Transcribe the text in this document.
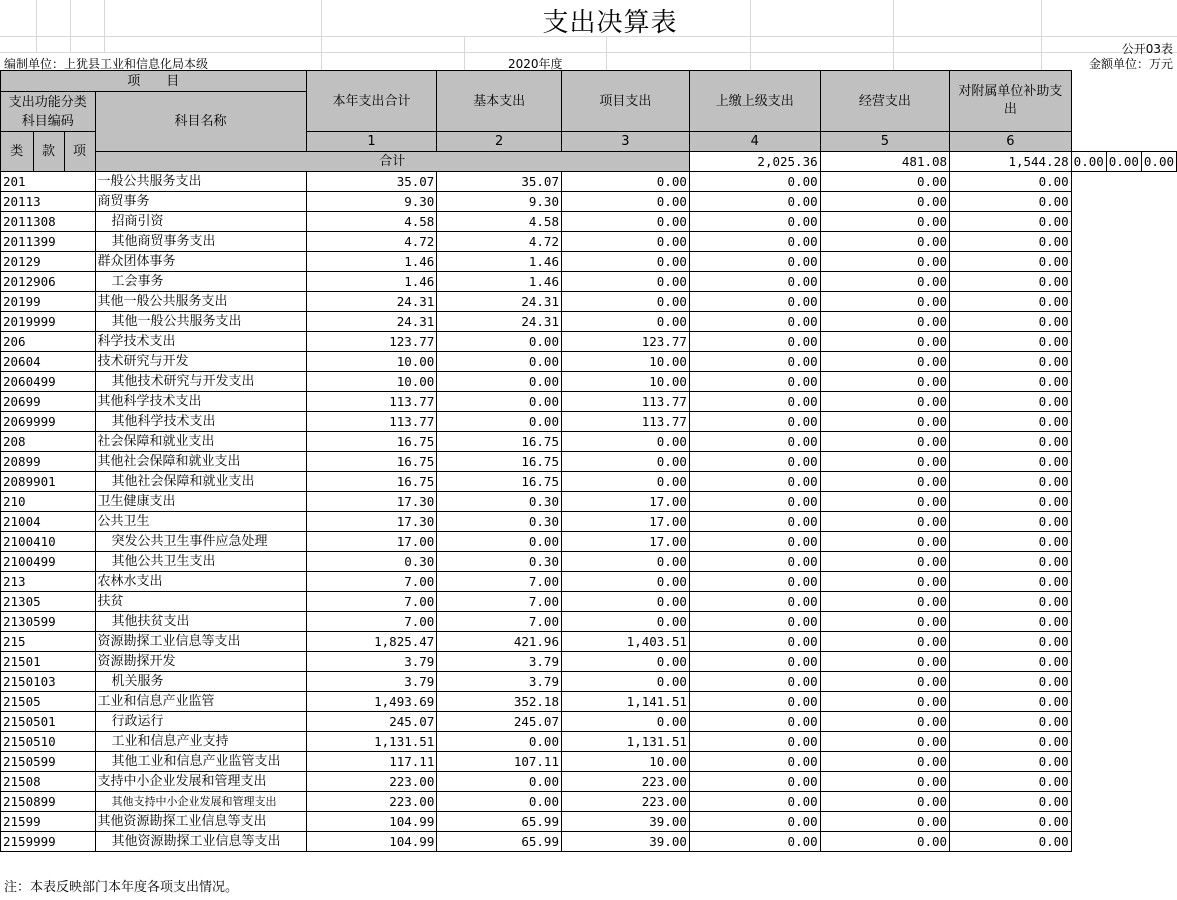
支出决算表
公开03表
编制单位：上犹县工业和信息化局本级	2020年度	金额单位：万元
项　　目				本年支出合计	基本支出	项目支出	上缴上级支出	经营支出	对附属单位补助支出			
支出功能分类科目编码			科目名称									

类	款	项		1	2	3	4	5	6			
			合计				2,025.36	481.08	1,544.28	0.00	0.00	0.00
201			一般公共服务支出	35.07	35.07	0.00	0.00	0.00	0.00			
20113			商贸事务	9.30	9.30	0.00	0.00	0.00	0.00			
2011308			招商引资	4.58	4.58	0.00	0.00	0.00	0.00			
2011399			其他商贸事务支出	4.72	4.72	0.00	0.00	0.00	0.00			
20129			群众团体事务	1.46	1.46	0.00	0.00	0.00	0.00			
2012906			工会事务	1.46	1.46	0.00	0.00	0.00	0.00			
20199			其他一般公共服务支出	24.31	24.31	0.00	0.00	0.00	0.00			
2019999			其他一般公共服务支出	24.31	24.31	0.00	0.00	0.00	0.00			
206			科学技术支出	123.77	0.00	123.77	0.00	0.00	0.00			
20604			技术研究与开发	10.00	0.00	10.00	0.00	0.00	0.00			
2060499			其他技术研究与开发支出	10.00	0.00	10.00	0.00	0.00	0.00			
20699			其他科学技术支出	113.77	0.00	113.77	0.00	0.00	0.00			
2069999			其他科学技术支出	113.77	0.00	113.77	0.00	0.00	0.00			
208			社会保障和就业支出	16.75	16.75	0.00	0.00	0.00	0.00			
20899			其他社会保障和就业支出	16.75	16.75	0.00	0.00	0.00	0.00			
2089901			其他社会保障和就业支出	16.75	16.75	0.00	0.00	0.00	0.00			
210			卫生健康支出	17.30	0.30	17.00	0.00	0.00	0.00			
21004			公共卫生	17.30	0.30	17.00	0.00	0.00	0.00			
2100410			突发公共卫生事件应急处理	17.00	0.00	17.00	0.00	0.00	0.00			
2100499			其他公共卫生支出	0.30	0.30	0.00	0.00	0.00	0.00			
213			农林水支出	7.00	7.00	0.00	0.00	0.00	0.00			
21305			扶贫	7.00	7.00	0.00	0.00	0.00	0.00			
2130599			其他扶贫支出	7.00	7.00	0.00	0.00	0.00	0.00			
215			资源勘探工业信息等支出	1,825.47	421.96	1,403.51	0.00	0.00	0.00			
21501			资源勘探开发	3.79	3.79	0.00	0.00	0.00	0.00			
2150103			机关服务	3.79	3.79	0.00	0.00	0.00	0.00			
21505			工业和信息产业监管	1,493.69	352.18	1,141.51	0.00	0.00	0.00			
2150501			行政运行	245.07	245.07	0.00	0.00	0.00	0.00			
2150510			工业和信息产业支持	1,131.51	0.00	1,131.51	0.00	0.00	0.00			
2150599			其他工业和信息产业监管支出	117.11	107.11	10.00	0.00	0.00	0.00			
21508			支持中小企业发展和管理支出	223.00	0.00	223.00	0.00	0.00	0.00			
2150899			其他支持中小企业发展和管理支出	223.00	0.00	223.00	0.00	0.00	0.00			
21599			其他资源勘探工业信息等支出	104.99	65.99	39.00	0.00	0.00	0.00			
2159999			其他资源勘探工业信息等支出	104.99	65.99	39.00	0.00	0.00	0.00			
注：本表反映部门本年度各项支出情况。
